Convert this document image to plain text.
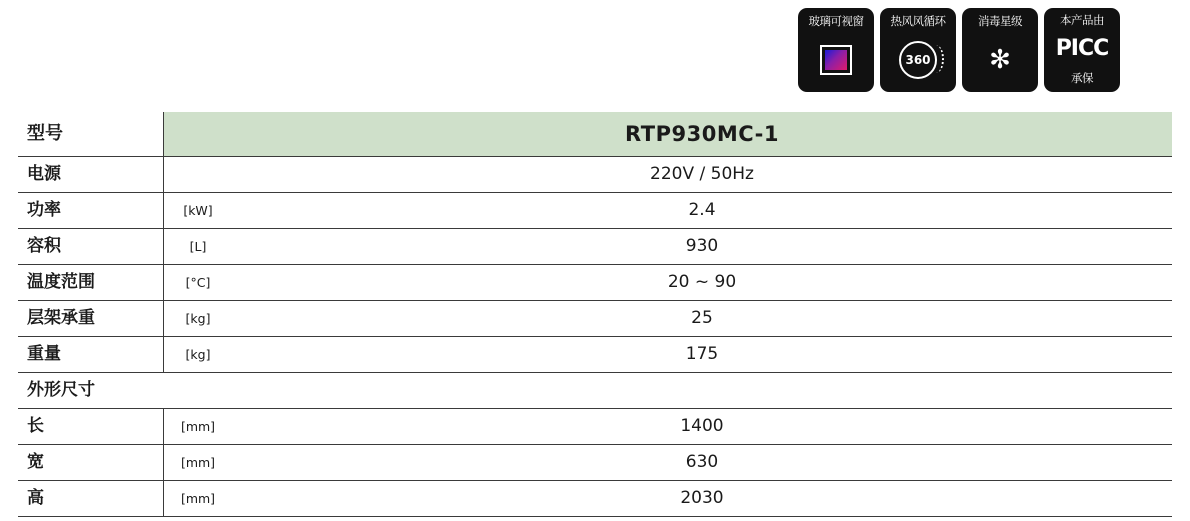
玻璃可视窗 热风风循环
360
消毒星级
✻
本产品由
PICC
承保
型号		RTP930MC-1

电源		220V / 50Hz

功率	[kW]	2.4

容积	[L]	930

温度范围	[°C]	20 ~ 90

层架承重	[kg]	25

重量	[kg]	175

外形尺寸		

长	[mm]	1400

宽	[mm]	630

高	[mm]	2030
